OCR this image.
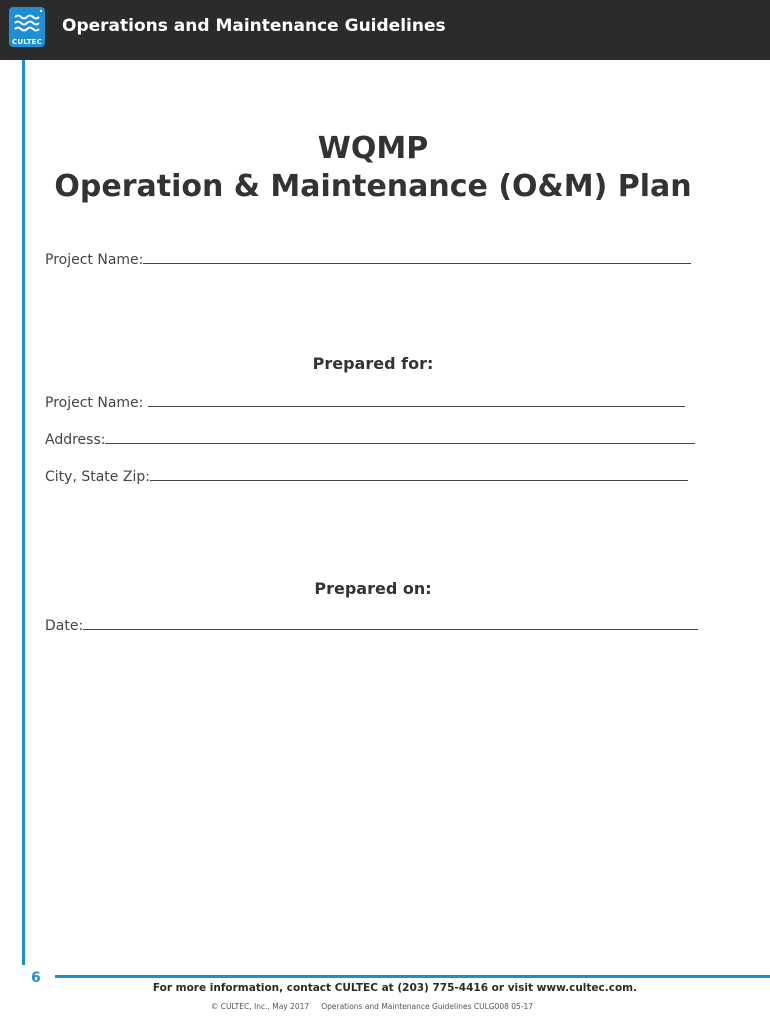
CULTEC
Operations and Maintenance Guidelines
WQMP
Operation & Maintenance (O&M) Plan
Project Name:
Prepared for:
Project Name:
Address:
City, State Zip:
Prepared on:
Date:
6
For more information, contact CULTEC at (203) 775-4416 or visit www.cultec.com.
© CULTEC, Inc., May 2017 Operations and Maintenance Guidelines CULG008 05-17
